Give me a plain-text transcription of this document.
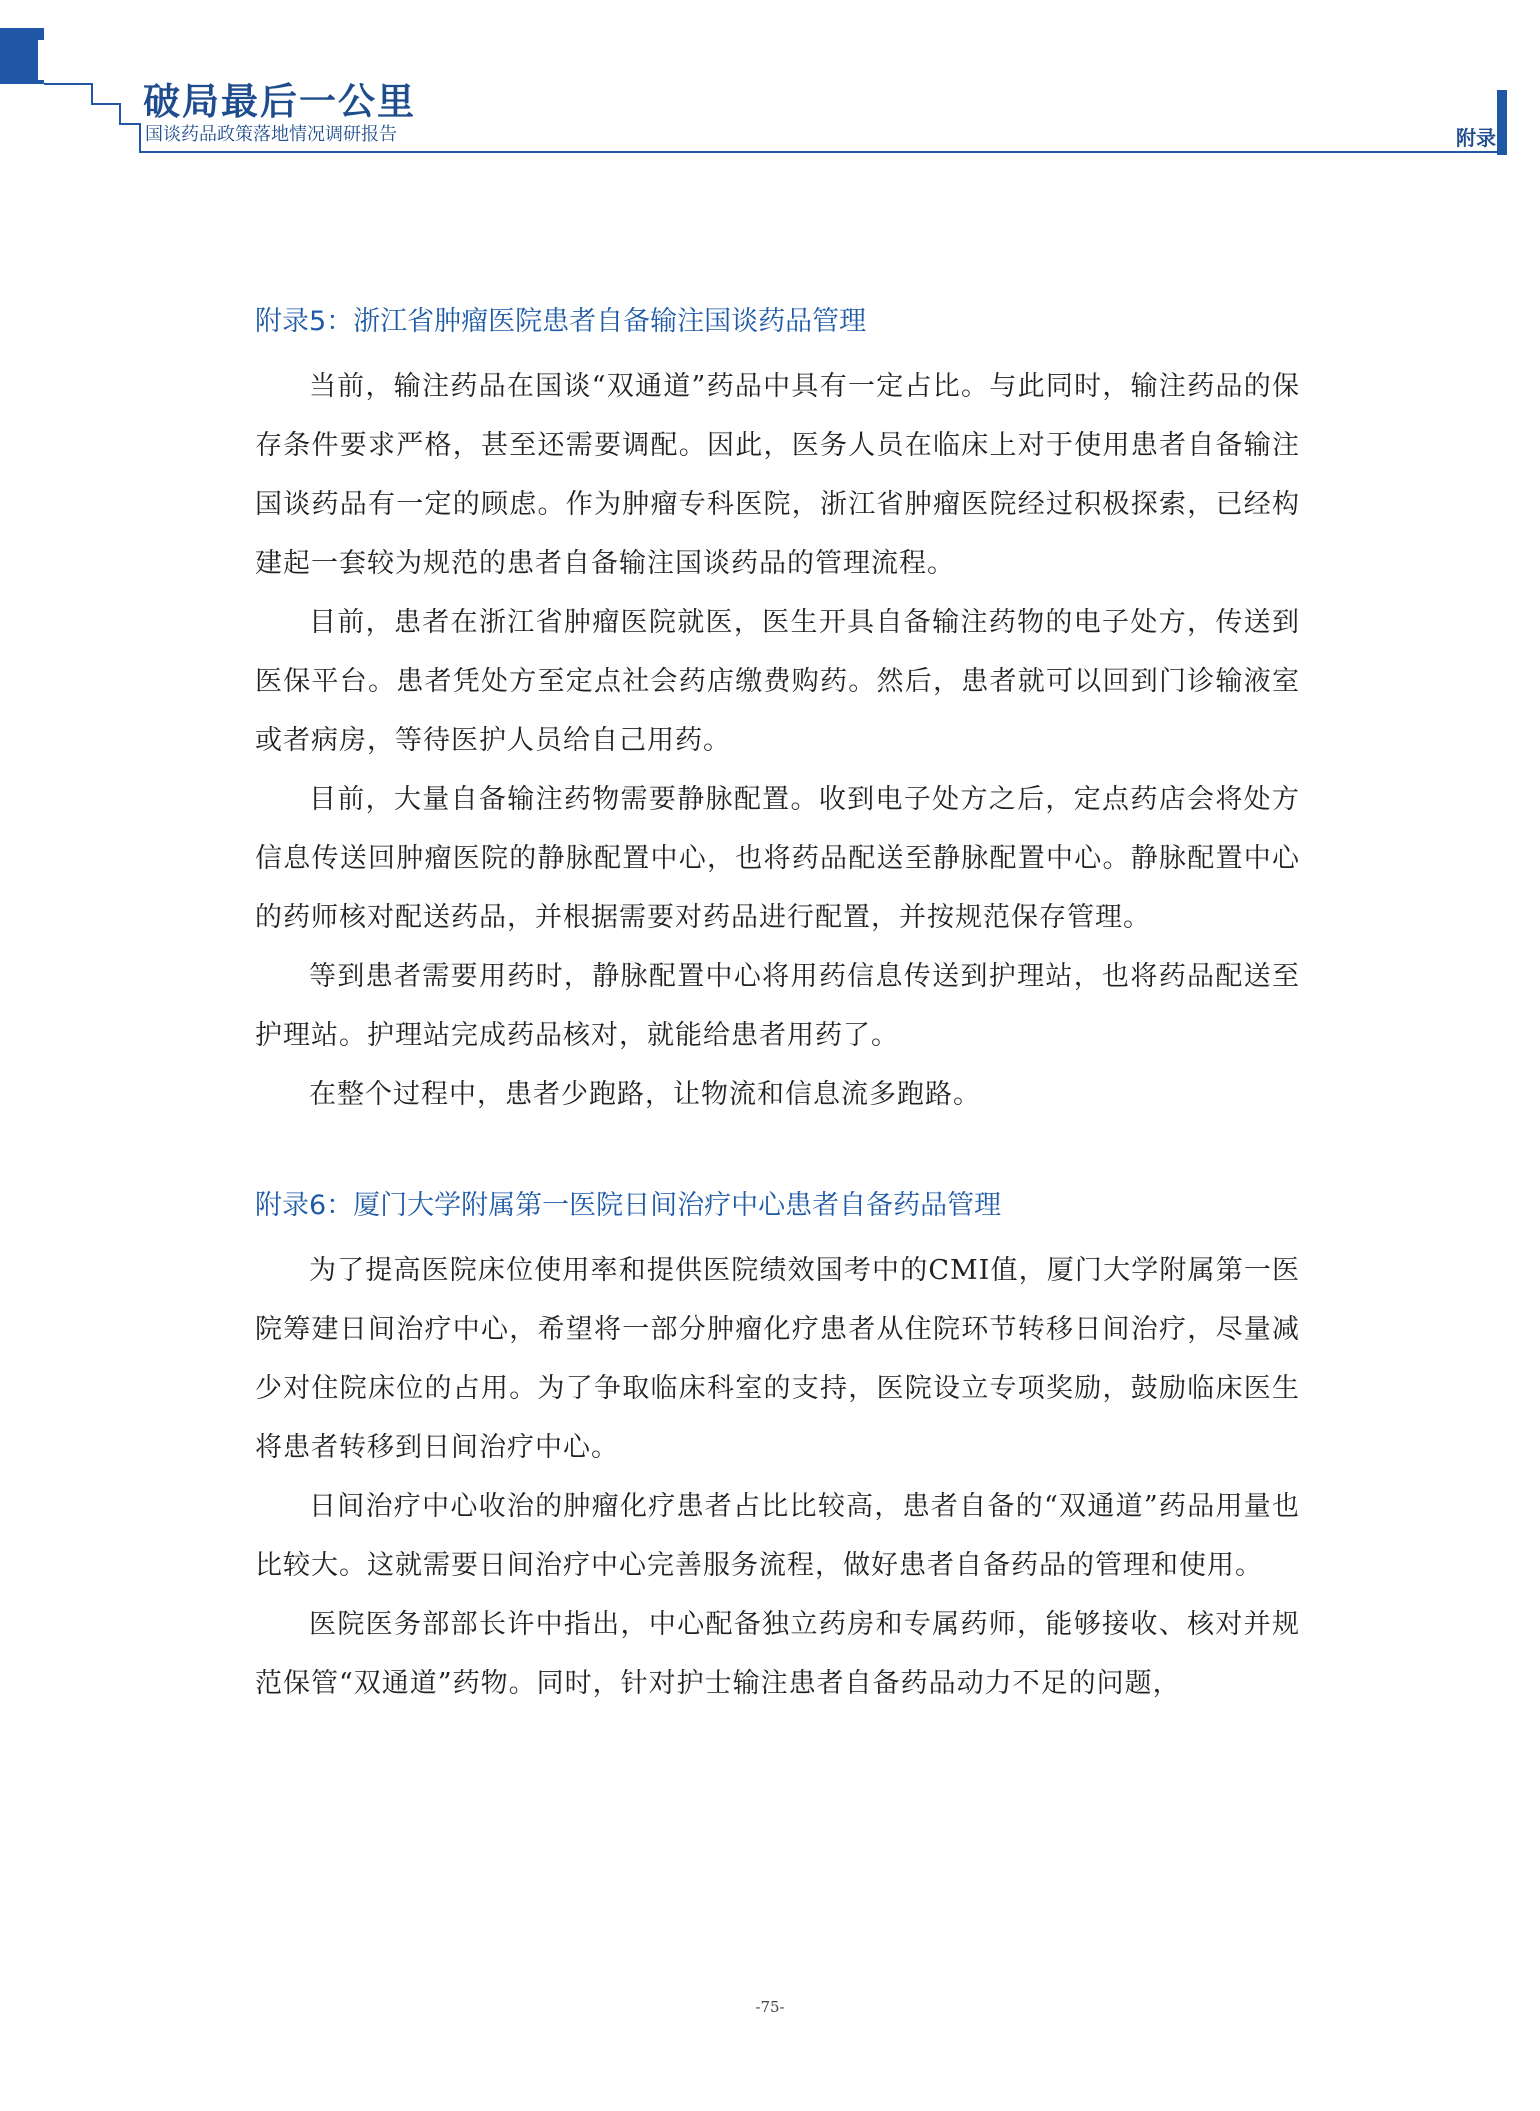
破局最后一公里
国谈药品政策落地情况调研报告	附录
附录5：浙江省肿瘤医院患者自备输注国谈药品管理

当前，输注药品在国谈“双通道”药品中具有一定占比。与此同时，输注药品的保存条件要求严格，甚至还需要调配。因此，医务人员在临床上对于使用患者自备输注国谈药品有一定的顾虑。作为肿瘤专科医院，浙江省肿瘤医院经过积极探索，已经构建起一套较为规范的患者自备输注国谈药品的管理流程。

目前，患者在浙江省肿瘤医院就医，医生开具自备输注药物的电子处方，传送到医保平台。患者凭处方至定点社会药店缴费购药。然后，患者就可以回到门诊输液室或者病房，等待医护人员给自己用药。

目前，大量自备输注药物需要静脉配置。收到电子处方之后，定点药店会将处方信息传送回肿瘤医院的静脉配置中心，也将药品配送至静脉配置中心。静脉配置中心的药师核对配送药品，并根据需要对药品进行配置，并按规范保存管理。

等到患者需要用药时，静脉配置中心将用药信息传送到护理站，也将药品配送至护理站。护理站完成药品核对，就能给患者用药了。

在整个过程中，患者少跑路，让物流和信息流多跑路。

附录6：厦门大学附属第一医院日间治疗中心患者自备药品管理

为了提高医院床位使用率和提供医院绩效国考中的CMI值，厦门大学附属第一医院筹建日间治疗中心，希望将一部分肿瘤化疗患者从住院环节转移日间治疗，尽量减少对住院床位的占用。为了争取临床科室的支持，医院设立专项奖励，鼓励临床医生将患者转移到日间治疗中心。

日间治疗中心收治的肿瘤化疗患者占比比较高，患者自备的“双通道”药品用量也比较大。这就需要日间治疗中心完善服务流程，做好患者自备药品的管理和使用。

医院医务部部长许中指出，中心配备独立药房和专属药师，能够接收、核对并规范保管“双通道”药物。同时，针对护士输注患者自备药品动力不足的问题，

-75-
